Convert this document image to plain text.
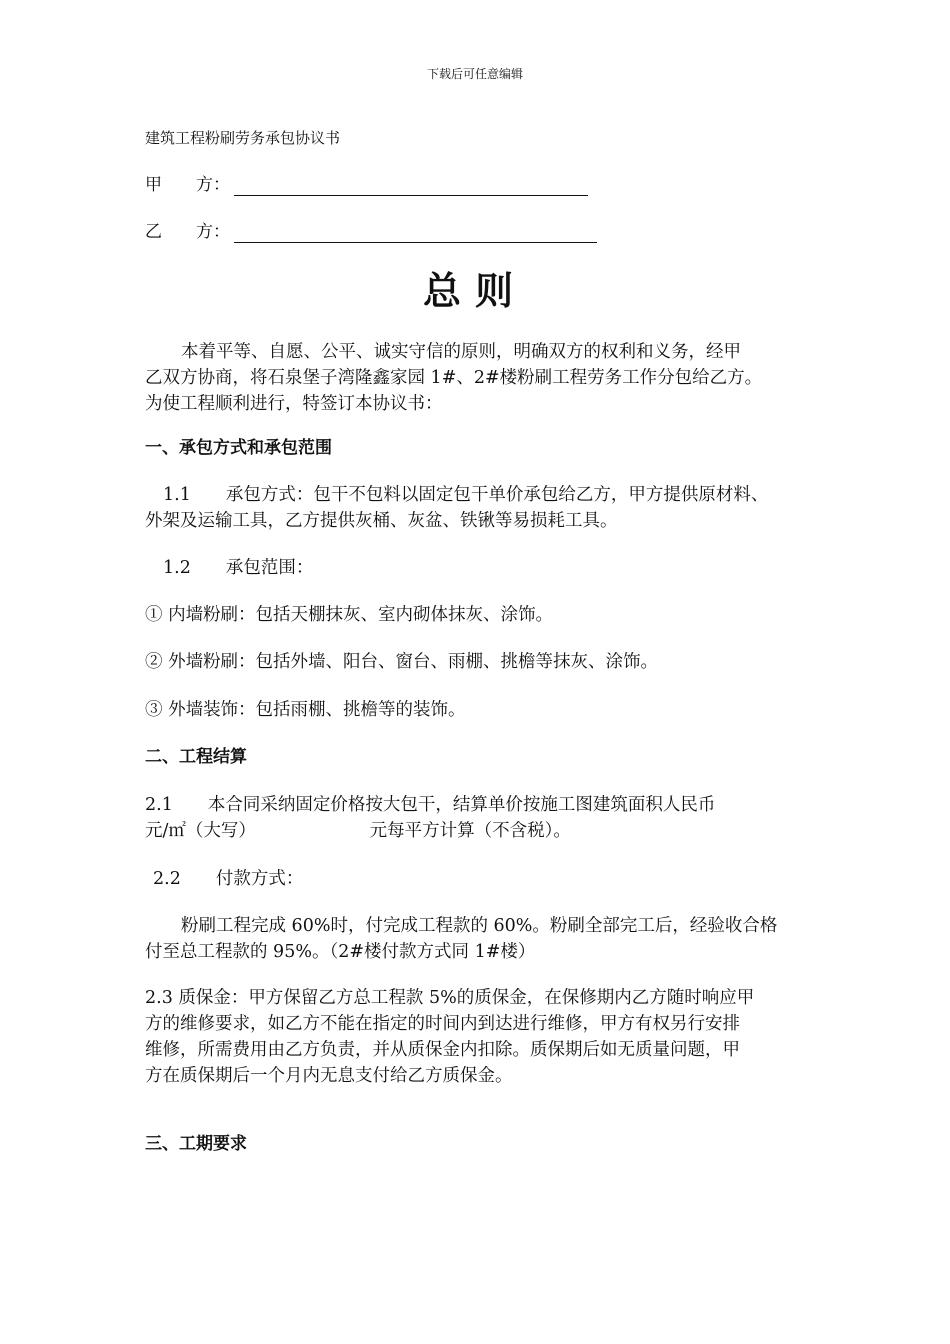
下载后可任意编辑
建筑工程粉刷劳务承包协议书
甲　　方：
乙　　方：
总则
本着平等、自愿、公平、诚实守信的原则，明确双方的权利和义务，经甲
乙双方协商，将石泉堡子湾隆鑫家园 1#、2#楼粉刷工程劳务工作分包给乙方。
为使工程顺利进行，特签订本协议书：
一、承包方式和承包范围
1.1　　承包方式：包干不包料以固定包干单价承包给乙方，甲方提供原材料、
外架及运输工具，乙方提供灰桶、灰盆、铁锹等易损耗工具。
1.2　　承包范围：
① 内墙粉刷：包括天棚抹灰、室内砌体抹灰、涂饰。
② 外墙粉刷：包括外墙、阳台、窗台、雨棚、挑檐等抹灰、涂饰。
③ 外墙装饰：包括雨棚、挑檐等的装饰。
二、工程结算
2.1　　本合同采纳固定价格按大包干，结算单价按施工图建筑面积人民币
元/㎡（大写）　　　　　　　元每平方计算（不含税）。
2.2　　付款方式：
粉刷工程完成 60%时，付完成工程款的 60%。粉刷全部完工后，经验收合格
付至总工程款的 95%。（2#楼付款方式同 1#楼）
2.3 质保金：甲方保留乙方总工程款 5%的质保金，在保修期内乙方随时响应甲
方的维修要求，如乙方不能在指定的时间内到达进行维修，甲方有权另行安排
维修，所需费用由乙方负责，并从质保金内扣除。质保期后如无质量问题，甲
方在质保期后一个月内无息支付给乙方质保金。
三、工期要求
